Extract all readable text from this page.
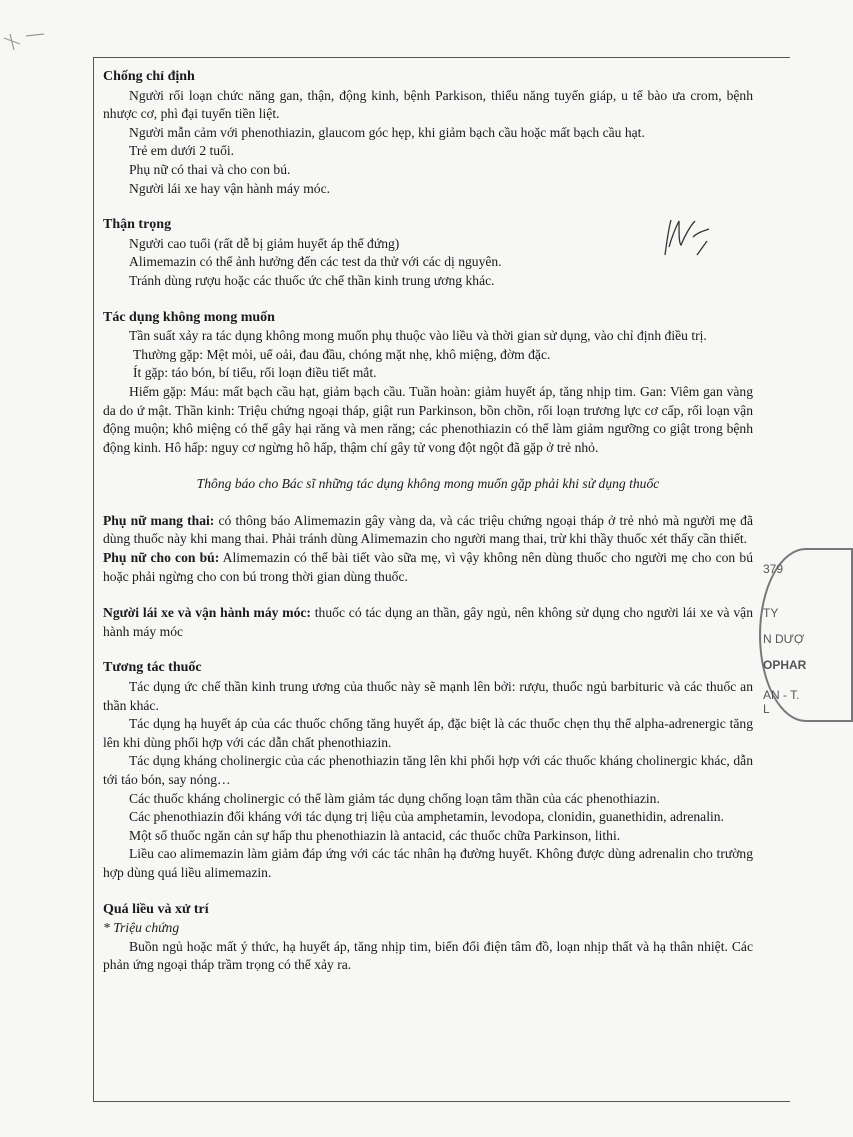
Chống chỉ định

Người rối loạn chức năng gan, thận, động kinh, bệnh Parkison, thiểu năng tuyến giáp, u tế bào ưa crom, bệnh nhược cơ, phì đại tuyến tiền liệt.

Người mẫn cảm với phenothiazin, glaucom góc hẹp, khi giảm bạch cầu hoặc mất bạch cầu hạt.

Trẻ em dưới 2 tuổi.

Phụ nữ có thai và cho con bú.

Người lái xe hay vận hành máy móc.

Thận trọng

Người cao tuổi (rất dễ bị giảm huyết áp thế đứng)

Alimemazin có thể ảnh hưởng đến các test da thử với các dị nguyên.

Tránh dùng rượu hoặc các thuốc ức chế thần kinh trung ương khác.

Tác dụng không mong muốn

Tần suất xảy ra tác dụng không mong muốn phụ thuộc vào liều và thời gian sử dụng, vào chỉ định điều trị.

Thường gặp: Mệt mỏi, uể oải, đau đầu, chóng mặt nhẹ, khô miệng, đờm đặc.

Ít gặp: táo bón, bí tiểu, rối loạn điều tiết mắt.

Hiếm gặp: Máu: mất bạch cầu hạt, giảm bạch cầu. Tuần hoàn: giảm huyết áp, tăng nhịp tim. Gan: Viêm gan vàng da do ứ mật. Thần kinh: Triệu chứng ngoại tháp, giật run Parkinson, bồn chồn, rối loạn trương lực cơ cấp, rối loạn vận động muộn; khô miệng có thể gây hại răng và men răng; các phenothiazin có thể làm giảm ngưỡng co giật trong bệnh động kinh. Hô hấp: nguy cơ ngừng hô hấp, thậm chí gây tử vong đột ngột đã gặp ở trẻ nhỏ.

Thông báo cho Bác sĩ những tác dụng không mong muốn gặp phải khi sử dụng thuốc

Phụ nữ mang thai: có thông báo Alimemazin gây vàng da, và các triệu chứng ngoại tháp ở trẻ nhỏ mà người mẹ đã dùng thuốc này khi mang thai. Phải tránh dùng Alimemazin cho người mang thai, trừ khi thầy thuốc xét thấy cần thiết.

Phụ nữ cho con bú: Alimemazin có thể bài tiết vào sữa mẹ, vì vậy không nên dùng thuốc cho người mẹ cho con bú hoặc phải ngừng cho con bú trong thời gian dùng thuốc.

Người lái xe và vận hành máy móc: thuốc có tác dụng an thần, gây ngủ, nên không sử dụng cho người lái xe và vận hành máy móc

Tương tác thuốc

Tác dụng ức chế thần kinh trung ương của thuốc này sẽ mạnh lên bởi: rượu, thuốc ngủ barbituric và các thuốc an thần khác.

Tác dụng hạ huyết áp của các thuốc chống tăng huyết áp, đặc biệt là các thuốc chẹn thụ thể alpha-adrenergic tăng lên khi dùng phối hợp với các dẫn chất phenothiazin.

Tác dụng kháng cholinergic của các phenothiazin tăng lên khi phối hợp với các thuốc kháng cholinergic khác, dẫn tới táo bón, say nóng…

Các thuốc kháng cholinergic có thể làm giảm tác dụng chống loạn tâm thần của các phenothiazin.

Các phenothiazin đối kháng với tác dụng trị liệu của amphetamin, levodopa, clonidin, guanethidin, adrenalin.

Một số thuốc ngăn cản sự hấp thu phenothiazin là antacid, các thuốc chữa Parkinson, lithi.

Liều cao alimemazin làm giảm đáp ứng với các tác nhân hạ đường huyết. Không được dùng adrenalin cho trường hợp dùng quá liều alimemazin.

Quá liều và xử trí

* Triệu chứng

Buồn ngủ hoặc mất ý thức, hạ huyết áp, tăng nhịp tim, biến đổi điện tâm đồ, loạn nhịp thất và hạ thân nhiệt. Các phản ứng ngoại tháp trầm trọng có thể xảy ra.

379
TY
N DƯỢ
OPHAR
AN - T. L
